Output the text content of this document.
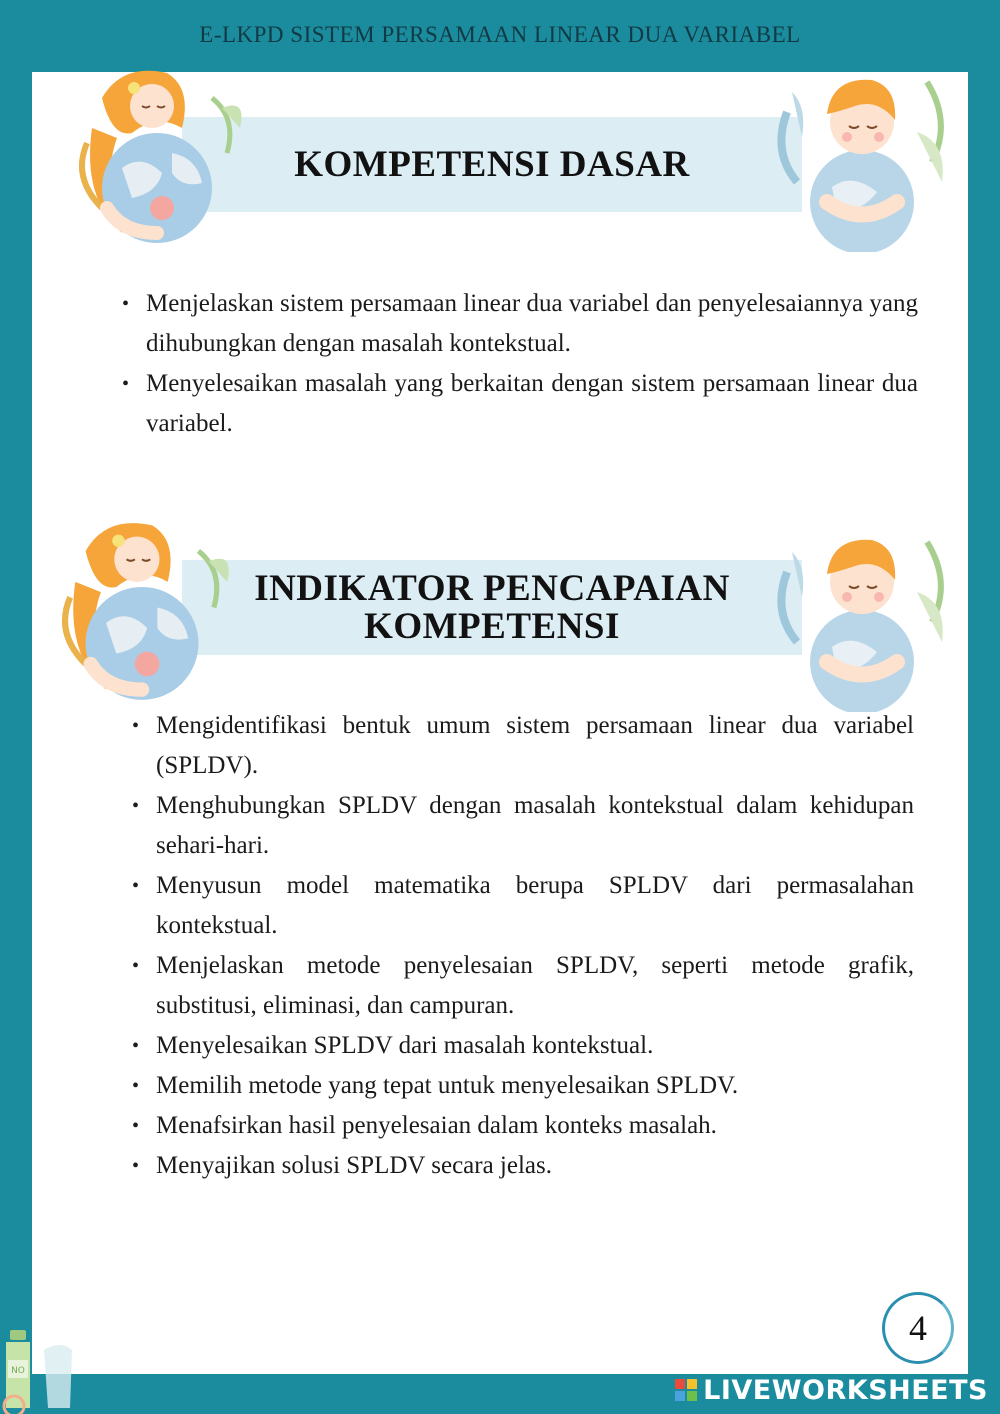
E-LKPD SISTEM PERSAMAAN LINEAR DUA VARIABEL
KOMPETENSI DASAR
• Menjelaskan sistem persamaan linear dua variabel dan penyelesaiannya yang dihubungkan dengan masalah kontekstual.
• Menyelesaikan masalah yang berkaitan dengan sistem persamaan linear dua variabel.
INDIKATOR PENCAPAIAN
KOMPETENSI
• Mengidentifikasi bentuk umum sistem persamaan linear dua variabel (SPLDV).
• Menghubungkan SPLDV dengan masalah kontekstual dalam kehidupan sehari-hari.
• Menyusun model matematika berupa SPLDV dari permasalahan kontekstual.
• Menjelaskan metode penyelesaian SPLDV, seperti metode grafik, substitusi, eliminasi, dan campuran.
• Menyelesaikan SPLDV dari masalah kontekstual.
• Memilih metode yang tepat untuk menyelesaikan SPLDV.
• Menafsirkan hasil penyelesaian dalam konteks masalah.
• Menyajikan solusi SPLDV secara jelas.
4
NO
LIVEWORKSHEETS
